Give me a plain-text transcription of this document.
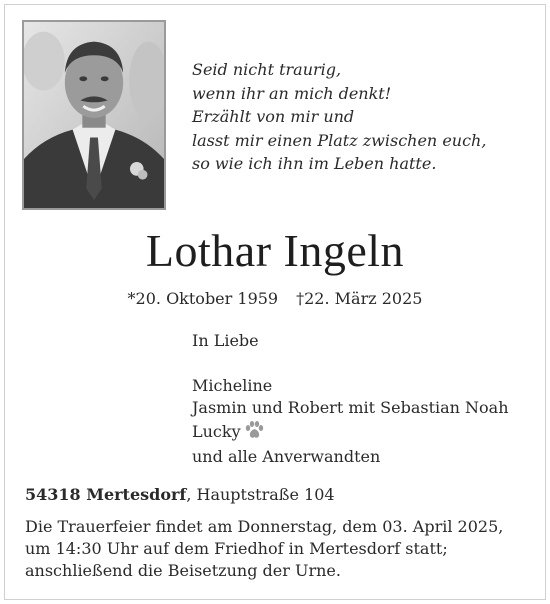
Seid nicht traurig,
wenn ihr an mich denkt!
Erzählt von mir und
lasst mir einen Platz zwischen euch,
so wie ich ihn im Leben hatte.
Lothar Ingeln
*20. Oktober 1959 †22. März 2025
In Liebe
Micheline
Jasmin und Robert mit Sebastian Noah
Lucky
und alle Anverwandten
54318 Mertesdorf, Hauptstraße 104
Die Trauerfeier findet am Donnerstag, dem 03. April 2025,
um 14:30 Uhr auf dem Friedhof in Mertesdorf statt;
anschließend die Beisetzung der Urne.
